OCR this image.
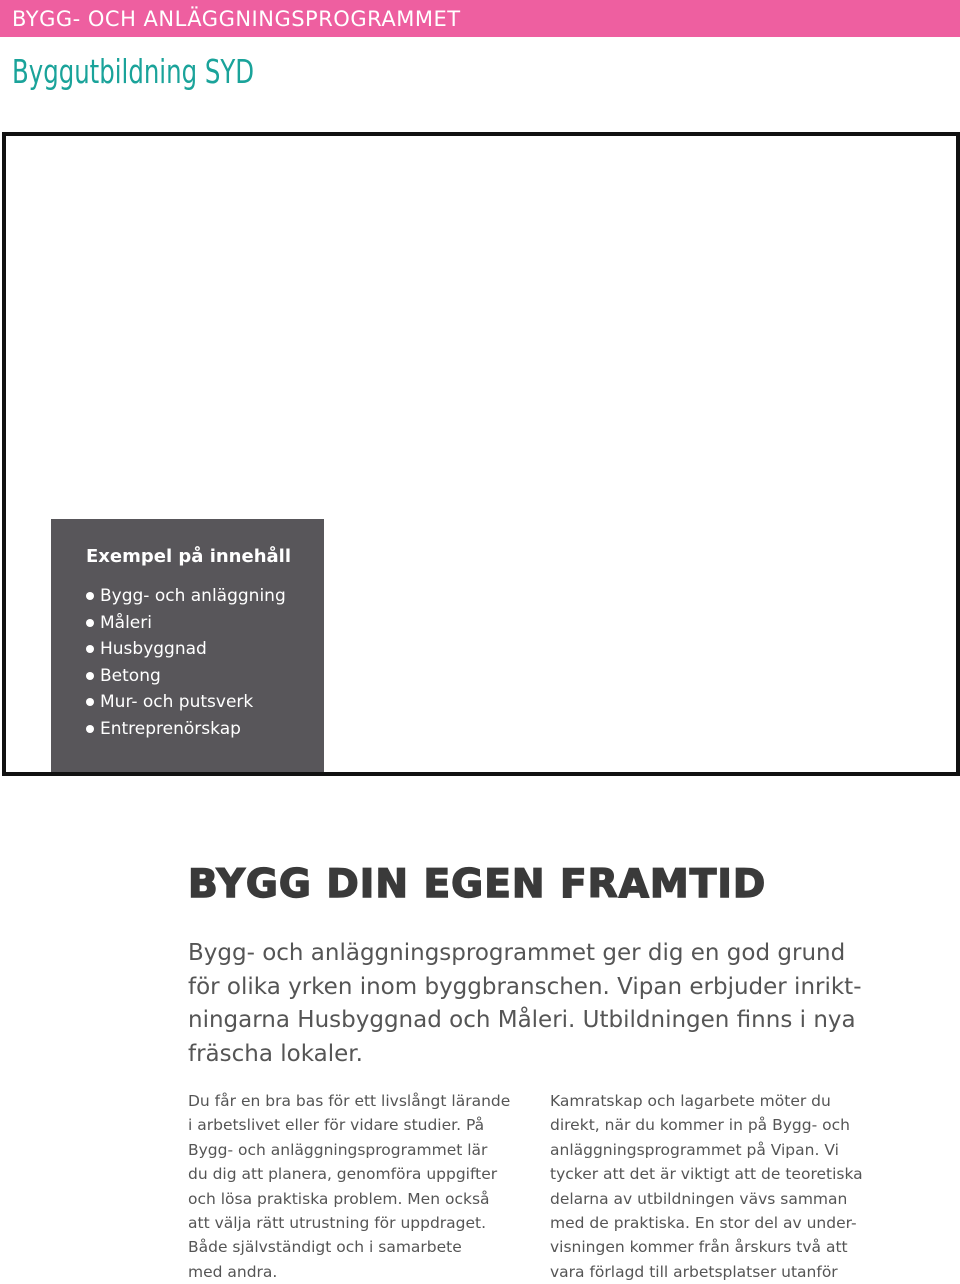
BYGG- OCH ANLÄGGNINGSPROGRAMMET
Byggutbildning SYD
Exempel på innehåll
Bygg- och anläggning
Måleri
Husbyggnad
Betong
Mur- och putsverk
Entreprenörskap
BYGG DIN EGEN FRAMTID
Bygg- och anläggningsprogrammet ger dig en god grund
för olika yrken inom byggbranschen. Vipan erbjuder inrikt-
ningarna Husbyggnad och Måleri. Utbildningen finns i nya
fräscha lokaler.
Du får en bra bas för ett livslångt lärande
i arbetslivet eller för vidare studier. På
Bygg- och anläggningsprogrammet lär
du dig att planera, genomföra uppgifter
och lösa praktiska problem. Men också
att välja rätt utrustning för uppdraget.
Både självständigt och i samarbete
med andra.
Kamratskap och lagarbete möter du
direkt, när du kommer in på Bygg- och
anläggningsprogrammet på Vipan. Vi
tycker att det är viktigt att de teoretiska
delarna av utbildningen vävs samman
med de praktiska. En stor del av under-
visningen kommer från årskurs två att
vara förlagd till arbetsplatser utanför
